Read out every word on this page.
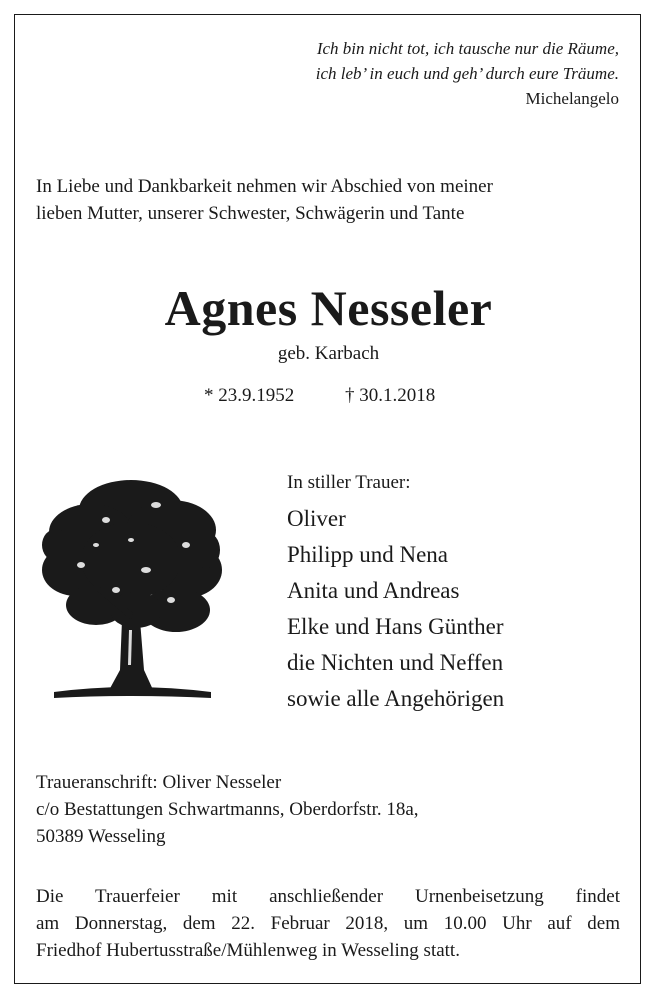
Ich bin nicht tot, ich tausche nur die Räume,
ich leb’ in euch und geh’ durch eure Träume.
Michelangelo
In Liebe und Dankbarkeit nehmen wir Abschied von meiner
lieben Mutter, unserer Schwester, Schwägerin und Tante
Agnes Nesseler
geb. Karbach
* 23.9.1952	† 30.1.2018
In stiller Trauer:
Oliver
Philipp und Nena
Anita und Andreas
Elke und Hans Günther
die Nichten und Neffen
sowie alle Angehörigen
Traueranschrift: Oliver Nesseler
c/o Bestattungen Schwartmanns, Oberdorfstr. 18a,
50389 Wesseling
Die Trauerfeier mit anschließender Urnenbeisetzung findet
am Donnerstag, dem 22. Februar 2018, um 10.00 Uhr auf dem
Friedhof Hubertusstraße/Mühlenweg in Wesseling statt.
